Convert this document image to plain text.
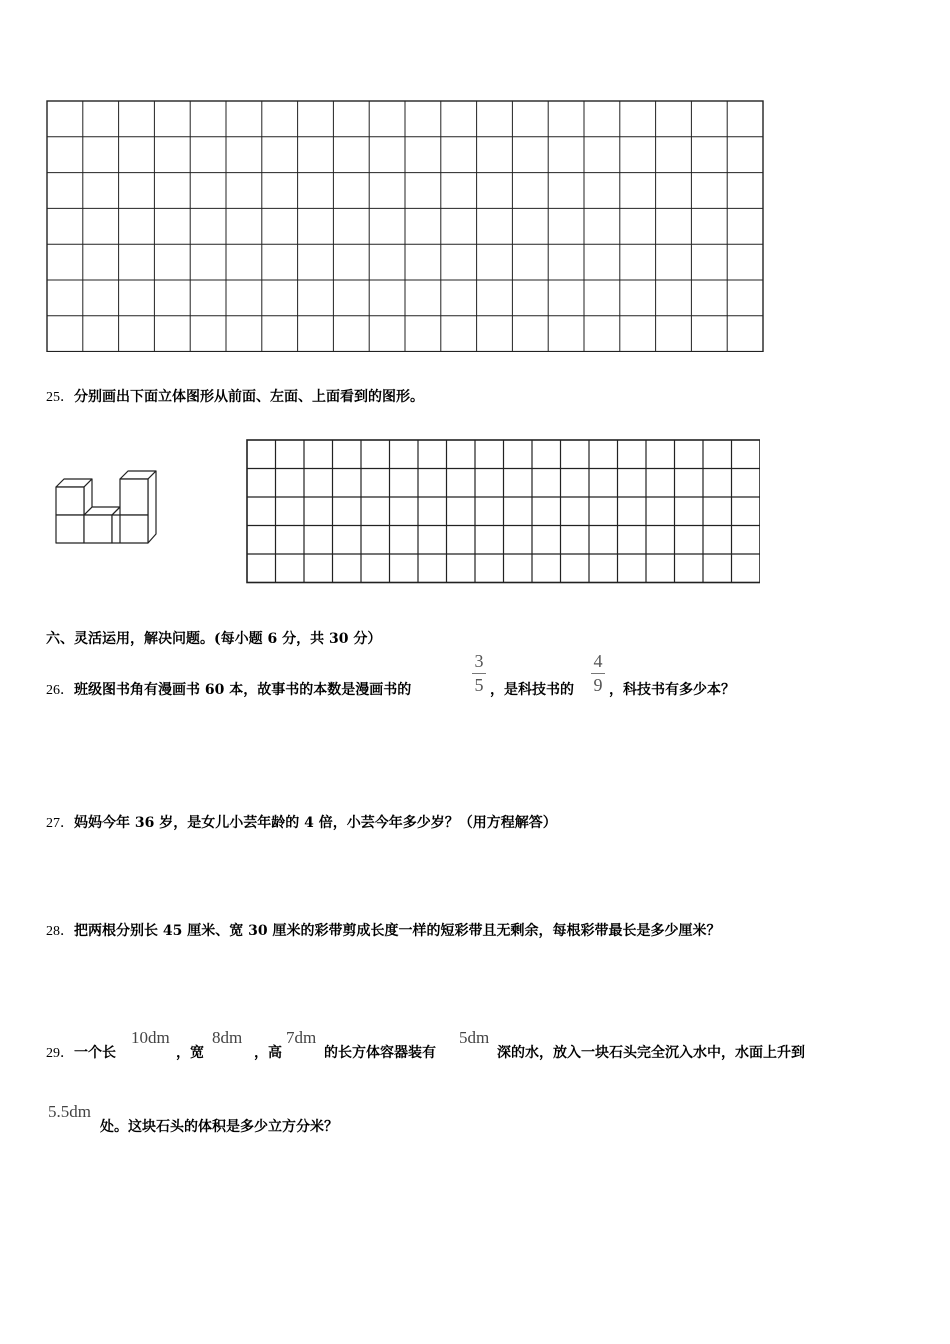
25．分别画出下面立体图形从前面、左面、上面看到的图形。
六、灵活运用，解决问题。(每小题 6 分，共 30 分）
26．班级图书角有漫画书 60 本，故事书的本数是漫画书的
3
5 ，是科技书的
4
9 ，科技书有多少本？
27．妈妈今年 36 岁，是女儿小芸年龄的 4 倍，小芸今年多少岁？（用方程解答）
28．把两根分别长 45 厘米、宽 30 厘米的彩带剪成长度一样的短彩带且无剩余，每根彩带最长是多少厘米？
29．一个长
10dm
，宽
8dm
，高
7dm
的长方体容器装有
5dm
深的水，放入一块石头完全沉入水中，水面上升到
5.5dm
处。这块石头的体积是多少立方分米？
